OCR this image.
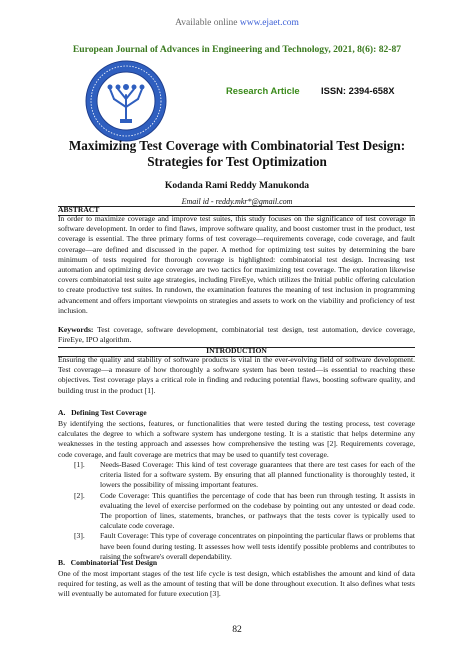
Available online www.ejaet.com
European Journal of Advances in Engineering and Technology, 2021, 8(6): 82-87
Research Article ISSN: 2394-658X
Maximizing Test Coverage with Combinatorial Test Design:
Strategies for Test Optimization
Kodanda Rami Reddy Manukonda
Email id - reddy.mkr*@gmail.com
ABSTRACT
In order to maximize coverage and improve test suites, this study focuses on the significance of test coverage in software development. In order to find flaws, improve software quality, and boost customer trust in the product, test coverage is essential. The three primary forms of test coverage—requirements coverage, code coverage, and fault coverage—are defined and discussed in the paper. A method for optimizing test suites by determining the bare minimum of tests required for thorough coverage is highlighted: combinatorial test design. Increasing test automation and optimizing device coverage are two tactics for maximizing test coverage. The exploration likewise covers combinatorial test suite age strategies, including FireEye, which utilizes the Initial public offering calculation to create productive test suites. In rundown, the examination features the meaning of test inclusion in programming advancement and offers important viewpoints on strategies and assets to work on the viability and proficiency of test inclusion.
Keywords: Test coverage, software development, combinatorial test design, test automation, device coverage, FireEye, IPO algorithm.
INTRODUCTION
Ensuring the quality and stability of software products is vital in the ever-evolving field of software development. Test coverage—a measure of how thoroughly a software system has been tested—is essential to reaching these objectives. Test coverage plays a critical role in finding and reducing potential flaws, boosting software quality, and building trust in the product [1].
A.   Defining Test Coverage
By identifying the sections, features, or functionalities that were tested during the testing process, test coverage calculates the degree to which a software system has undergone testing. It is a statistic that helps determine any weaknesses in the testing approach and assesses how comprehensive the testing was [2]. Requirements coverage, code coverage, and fault coverage are metrics that may be used to quantify test coverage.
[1]. Needs-Based Coverage: This kind of test coverage guarantees that there are test cases for each of the criteria listed for a software system. By ensuring that all planned functionality is thoroughly tested, it lowers the possibility of missing important features.
[2]. Code Coverage: This quantifies the percentage of code that has been run through testing. It assists in evaluating the level of exercise performed on the codebase by pointing out any untested or dead code. The proportion of lines, statements, branches, or pathways that the tests cover is typically used to calculate code coverage.
[3]. Fault Coverage: This type of coverage concentrates on pinpointing the particular flaws or problems that have been found during testing. It assesses how well tests identify possible problems and contributes to raising the software's overall dependability.
B.   Combinatorial Test Design
One of the most important stages of the test life cycle is test design, which establishes the amount and kind of data required for testing, as well as the amount of testing that will be done throughout execution. It also defines what tests will eventually be automated for future execution [3].
82
